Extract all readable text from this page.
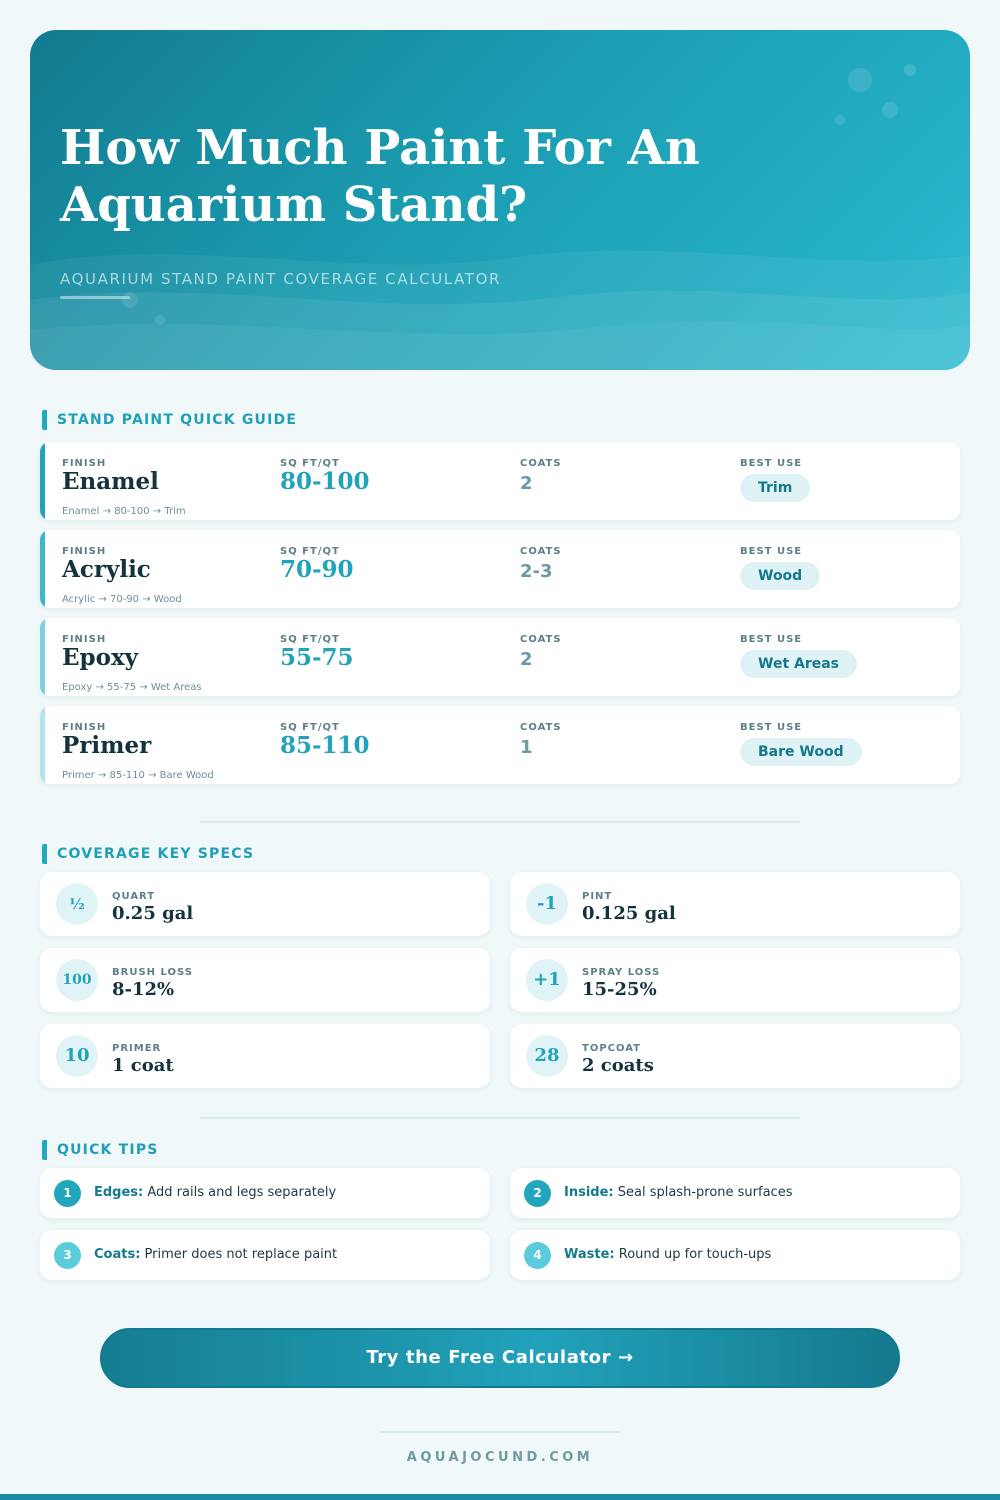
How Much Paint For An Aquarium Stand?
AQUARIUM STAND PAINT COVERAGE CALCULATOR
STAND PAINT QUICK GUIDE
FINISH	SQ FT/QT	COATS	BEST USE
Enamel	80-100	2	Trim
Enamel → 80-100 → Trim
FINISH	SQ FT/QT	COATS	BEST USE
Acrylic	70-90	2-3	Wood
Acrylic → 70-90 → Wood
FINISH	SQ FT/QT	COATS	BEST USE
Epoxy	55-75	2	Wet Areas
Epoxy → 55-75 → Wet Areas
FINISH	SQ FT/QT	COATS	BEST USE
Primer	85-110	1	Bare Wood
Primer → 85-110 → Bare Wood
COVERAGE KEY SPECS
½	QUART
0.25 gal	-1	PINT
0.125 gal
100	BRUSH LOSS
8-12%	+1	SPRAY LOSS
15-25%
10	PRIMER
1 coat	28	TOPCOAT
2 coats
QUICK TIPS
1	Edges: Add rails and legs separately	2	Inside: Seal splash-prone surfaces
3	Coats: Primer does not replace paint	4	Waste: Round up for touch-ups
Try the Free Calculator →
AQUAJOCUND.COM
